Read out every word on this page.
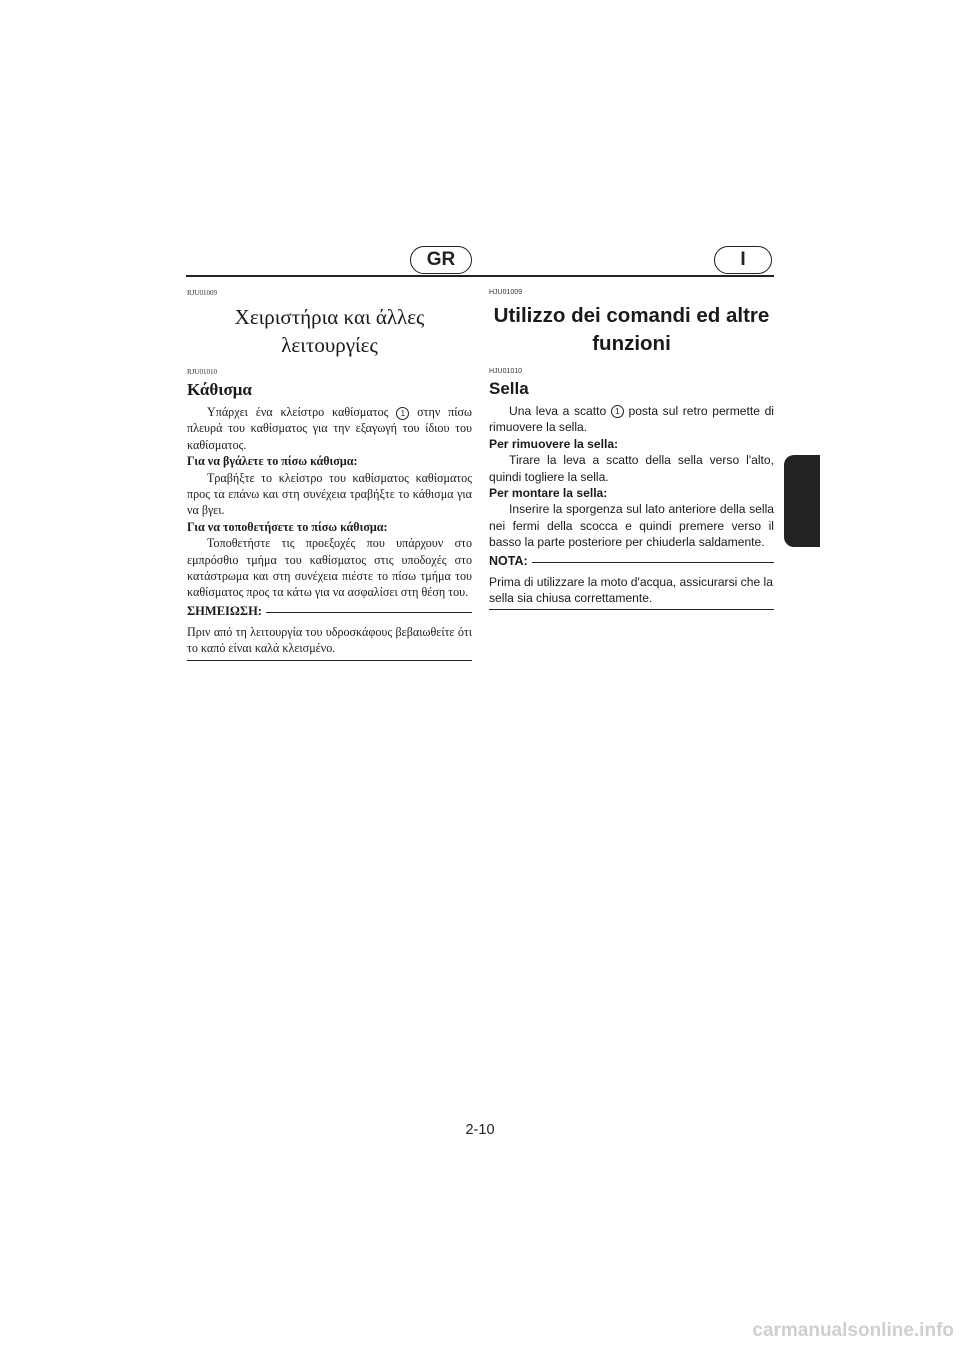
GR	I
RJU01009
Χειριστήρια και άλλες λειτουργίες
RJU01010
Κάθισμα

Υπάρχει ένα κλείστρο καθίσματος 1 στην πίσω πλευρά του καθίσματος για την εξαγωγή του ίδιου του καθίσματος.

Για να βγάλετε το πίσω κάθισμα:

Τραβήξτε το κλείστρο του καθίσματος καθίσματος προς τα επάνω και στη συνέχεια τραβήξτε το κάθισμα για να βγει.

Για να τοποθετήσετε το πίσω κάθισμα:

Τοποθετήστε τις προεξοχές που υπάρχουν στο εμπρόσθιο τμήμα του καθίσματος στις υποδοχές στο κατάστρωμα και στη συνέχεια πιέστε το πίσω τμήμα του καθίσματος προς τα κάτω για να ασφαλίσει στη θέση του.

ΣΗΜΕΙΩΣΗ:

Πριν από τη λειτουργία του υδροσκάφους βεβαιωθείτε ότι το καπό είναι καλά κλεισμένο.

HJU01009
Utilizzo dei comandi ed altre funzioni
HJU01010
Sella

Una leva a scatto 1 posta sul retro permette di rimuovere la sella.

Per rimuovere la sella:

Tirare la leva a scatto della sella verso l'alto, quindi togliere la sella.

Per montare la sella:

Inserire la sporgenza sul lato anteriore della sella nei fermi della scocca e quindi premere verso il basso la parte posteriore per chiuderla saldamente.

NOTA:

Prima di utilizzare la moto d'acqua, assicurarsi che la sella sia chiusa correttamente.

2-10
carmanualsonline.info
